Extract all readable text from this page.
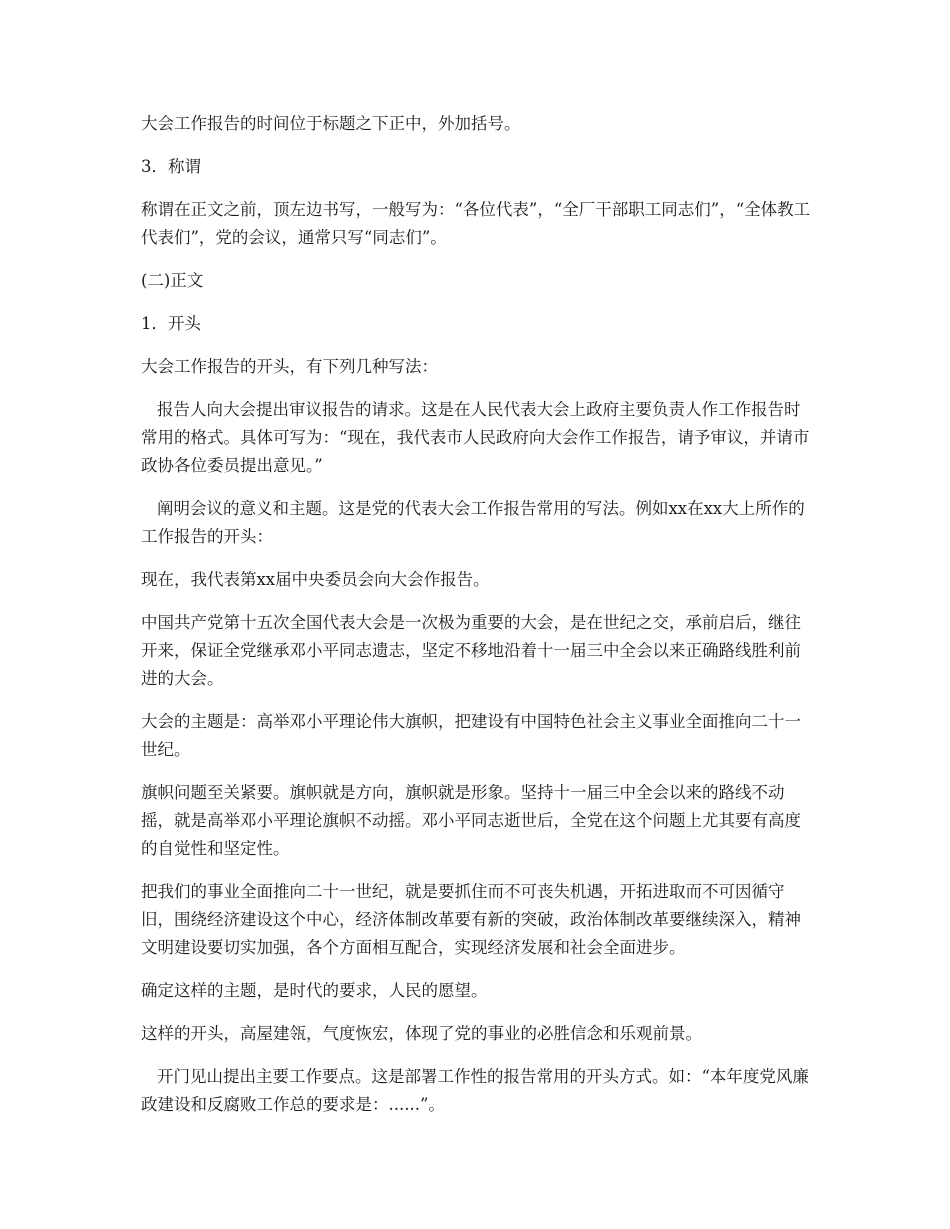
大会工作报告的时间位于标题之下正中，外加括号。

3．称谓

称谓在正文之前，顶左边书写，一般写为：“各位代表”，“全厂干部职工同志们”，“全体教工代表们”，党的会议，通常只写“同志们”。

(二)正文

1．开头

大会工作报告的开头，有下列几种写法：

报告人向大会提出审议报告的请求。这是在人民代表大会上政府主要负责人作工作报告时常用的格式。具体可写为：“现在，我代表市人民政府向大会作工作报告，请予审议，并请市政协各位委员提出意见。”

阐明会议的意义和主题。这是党的代表大会工作报告常用的写法。例如xx在xx大上所作的工作报告的开头：

现在，我代表第xx届中央委员会向大会作报告。

中国共产党第十五次全国代表大会是一次极为重要的大会，是在世纪之交，承前启后，继往开来，保证全党继承邓小平同志遗志，坚定不移地沿着十一届三中全会以来正确路线胜利前进的大会。

大会的主题是：高举邓小平理论伟大旗帜，把建设有中国特色社会主义事业全面推向二十一世纪。

旗帜问题至关紧要。旗帜就是方向，旗帜就是形象。坚持十一届三中全会以来的路线不动摇，就是高举邓小平理论旗帜不动摇。邓小平同志逝世后，全党在这个问题上尤其要有高度的自觉性和坚定性。

把我们的事业全面推向二十一世纪，就是要抓住而不可丧失机遇，开拓进取而不可因循守旧，围绕经济建设这个中心，经济体制改革要有新的突破，政治体制改革要继续深入，精神文明建设要切实加强，各个方面相互配合，实现经济发展和社会全面进步。

确定这样的主题，是时代的要求，人民的愿望。

这样的开头，高屋建瓴，气度恢宏，体现了党的事业的必胜信念和乐观前景。

开门见山提出主要工作要点。这是部署工作性的报告常用的开头方式。如：“本年度党风廉政建设和反腐败工作总的要求是：......”。
